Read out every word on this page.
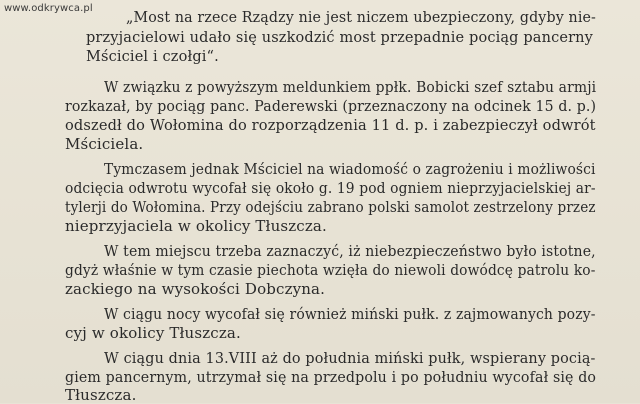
www.odkrywca.pl
„Most na rzece Rządzy nie jest niczem ubezpieczony, gdyby nie-
przyjacielowi udało się uszkodzić most przepadnie pociąg pancerny
Mściciel i czołgi“.
W związku z powyższym meldunkiem ppłk. Bobicki szef sztabu armji
rozkazał, by pociąg panc. Paderewski (przeznaczony na odcinek 15 d. p.)
odszedł do Wołomina do rozporządzenia 11 d. p. i zabezpieczył odwrót
Mściciela.
Tymczasem jednak Mściciel na wiadomość o zagrożeniu i możliwości
odcięcia odwrotu wycofał się około g. 19 pod ogniem nieprzyjacielskiej ar-
tylerji do Wołomina. Przy odejściu zabrano polski samolot zestrzelony przez
nieprzyjaciela w okolicy Tłuszcza.
W tem miejscu trzeba zaznaczyć, iż niebezpieczeństwo było istotne,
gdyż właśnie w tym czasie piechota wzięła do niewoli dowódcę patrolu ko-
zackiego na wysokości Dobczyna.
W ciągu nocy wycofał się również miński pułk. z zajmowanych pozy-
cyj w okolicy Tłuszcza.
W ciągu dnia 13.VIII aż do południa miński pułk, wspierany pocią-
giem pancernym, utrzymał się na przedpolu i po południu wycofał się do
Tłuszcza.
